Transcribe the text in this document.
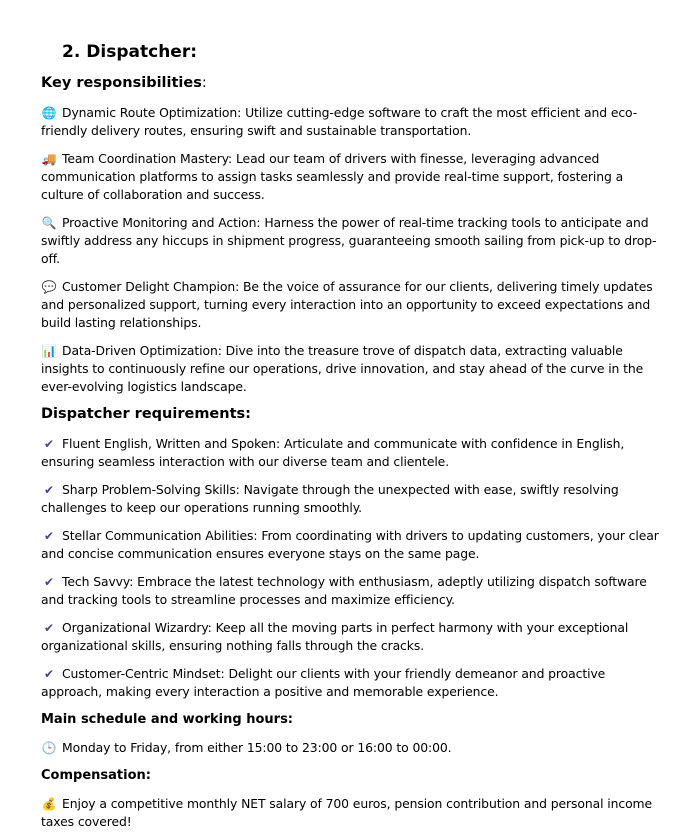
2. Dispatcher:
Key responsibilities:

🌐 Dynamic Route Optimization: Utilize cutting-edge software to craft the most efficient and eco-friendly delivery routes, ensuring swift and sustainable transportation.

🚚 Team Coordination Mastery: Lead our team of drivers with finesse, leveraging advanced communication platforms to assign tasks seamlessly and provide real-time support, fostering a culture of collaboration and success.

🔍 Proactive Monitoring and Action: Harness the power of real-time tracking tools to anticipate and swiftly address any hiccups in shipment progress, guaranteeing smooth sailing from pick-up to drop-off.

💬 Customer Delight Champion: Be the voice of assurance for our clients, delivering timely updates and personalized support, turning every interaction into an opportunity to exceed expectations and build lasting relationships.

📊 Data-Driven Optimization: Dive into the treasure trove of dispatch data, extracting valuable insights to continuously refine our operations, drive innovation, and stay ahead of the curve in the ever-evolving logistics landscape.

Dispatcher requirements:

✔ Fluent English, Written and Spoken: Articulate and communicate with confidence in English, ensuring seamless interaction with our diverse team and clientele.

✔ Sharp Problem-Solving Skills: Navigate through the unexpected with ease, swiftly resolving challenges to keep our operations running smoothly.

✔ Stellar Communication Abilities: From coordinating with drivers to updating customers, your clear and concise communication ensures everyone stays on the same page.

✔ Tech Savvy: Embrace the latest technology with enthusiasm, adeptly utilizing dispatch software and tracking tools to streamline processes and maximize efficiency.

✔ Organizational Wizardry: Keep all the moving parts in perfect harmony with your exceptional organizational skills, ensuring nothing falls through the cracks.

✔ Customer-Centric Mindset: Delight our clients with your friendly demeanor and proactive approach, making every interaction a positive and memorable experience.

Main schedule and working hours:

🕒 Monday to Friday, from either 15:00 to 23:00 or 16:00 to 00:00.

Compensation:

💰 Enjoy a competitive monthly NET salary of 700 euros, pension contribution and personal income taxes covered!
